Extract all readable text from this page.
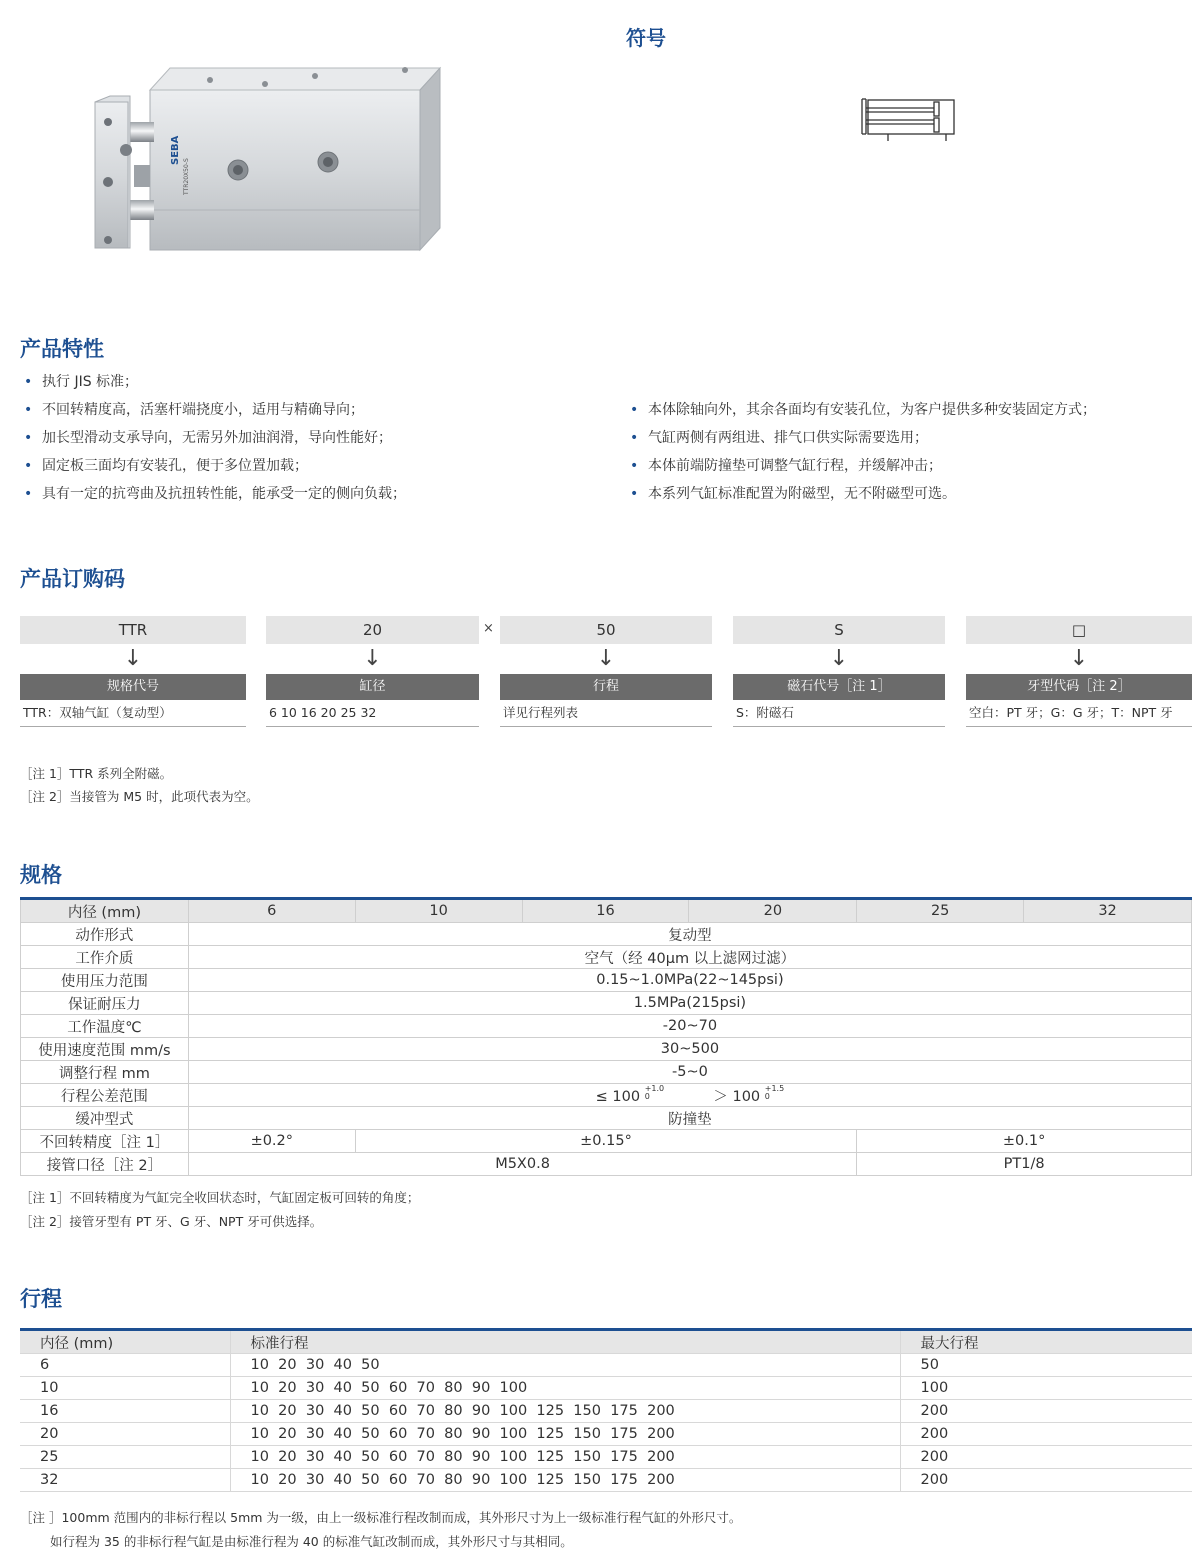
SEBA
TTR20X50-S
符号
产品特性
• 执行 JIS 标准；
• 不回转精度高，活塞杆端挠度小，适用与精确导向；
• 加长型滑动支承导向，无需另外加油润滑，导向性能好；
• 固定板三面均有安装孔，便于多位置加载；
• 具有一定的抗弯曲及抗扭转性能，能承受一定的侧向负载；
• 本体除轴向外，其余各面均有安装孔位，为客户提供多种安装固定方式；
• 气缸两侧有两组进、排气口供实际需要选用；
• 本体前端防撞垫可调整气缸行程，并缓解冲击；
• 本系列气缸标准配置为附磁型，无不附磁型可选。
产品订购码
TTR
↓
规格代号
TTR：双轴气缸（复动型）
20
↓
缸径
6 10 16 20 25 32
×	50
↓
行程
详见行程列表
S
↓
磁石代号［注 1］
S：附磁石
□
↓
牙型代码［注 2］
空白：PT 牙；G：G 牙；T：NPT 牙
［注 1］TTR 系列全附磁。
［注 2］当接管为 M5 时，此项代表为空。
规格
内径 (mm)	6	10	16	20	25	32
动作形式	复动型					
工作介质	空气（经 40μm 以上滤网过滤）					
使用压力范围	0.15~1.0MPa(22~145psi)					
保证耐压力	1.5MPa(215psi)					
工作温度℃	-20~70					
使用速度范围 mm/s	30~500					
调整行程 mm	-5~0					
行程公差范围	≤ 100 $^{+1.0 0}$ ＞ 100 $^{+1.5 0}$
缓冲型式	防撞垫					
不回转精度［注 1］	±0.2°	±0.15°			±0.1°	
接管口径［注 2］	M5X0.8				PT1/8	
［注 1］不回转精度为气缸完全收回状态时，气缸固定板可回转的角度；
［注 2］接管牙型有 PT 牙、G 牙、NPT 牙可供选择。
行程
内径 (mm)	标准行程	最大行程
6	10  20  30  40  50	50
10	10  20  30  40  50  60  70  80  90  100	100
16	10  20  30  40  50  60  70  80  90  100  125  150  175  200	200
20	10  20  30  40  50  60  70  80  90  100  125  150  175  200	200
25	10  20  30  40  50  60  70  80  90  100  125  150  175  200	200
32	10  20  30  40  50  60  70  80  90  100  125  150  175  200	200
［注 ］100mm 范围内的非标行程以 5mm 为一级，由上一级标准行程改制而成，其外形尺寸为上一级标准行程气缸的外形尺寸。
如行程为 35 的非标行程气缸是由标准行程为 40 的标准气缸改制而成，其外形尺寸与其相同。
